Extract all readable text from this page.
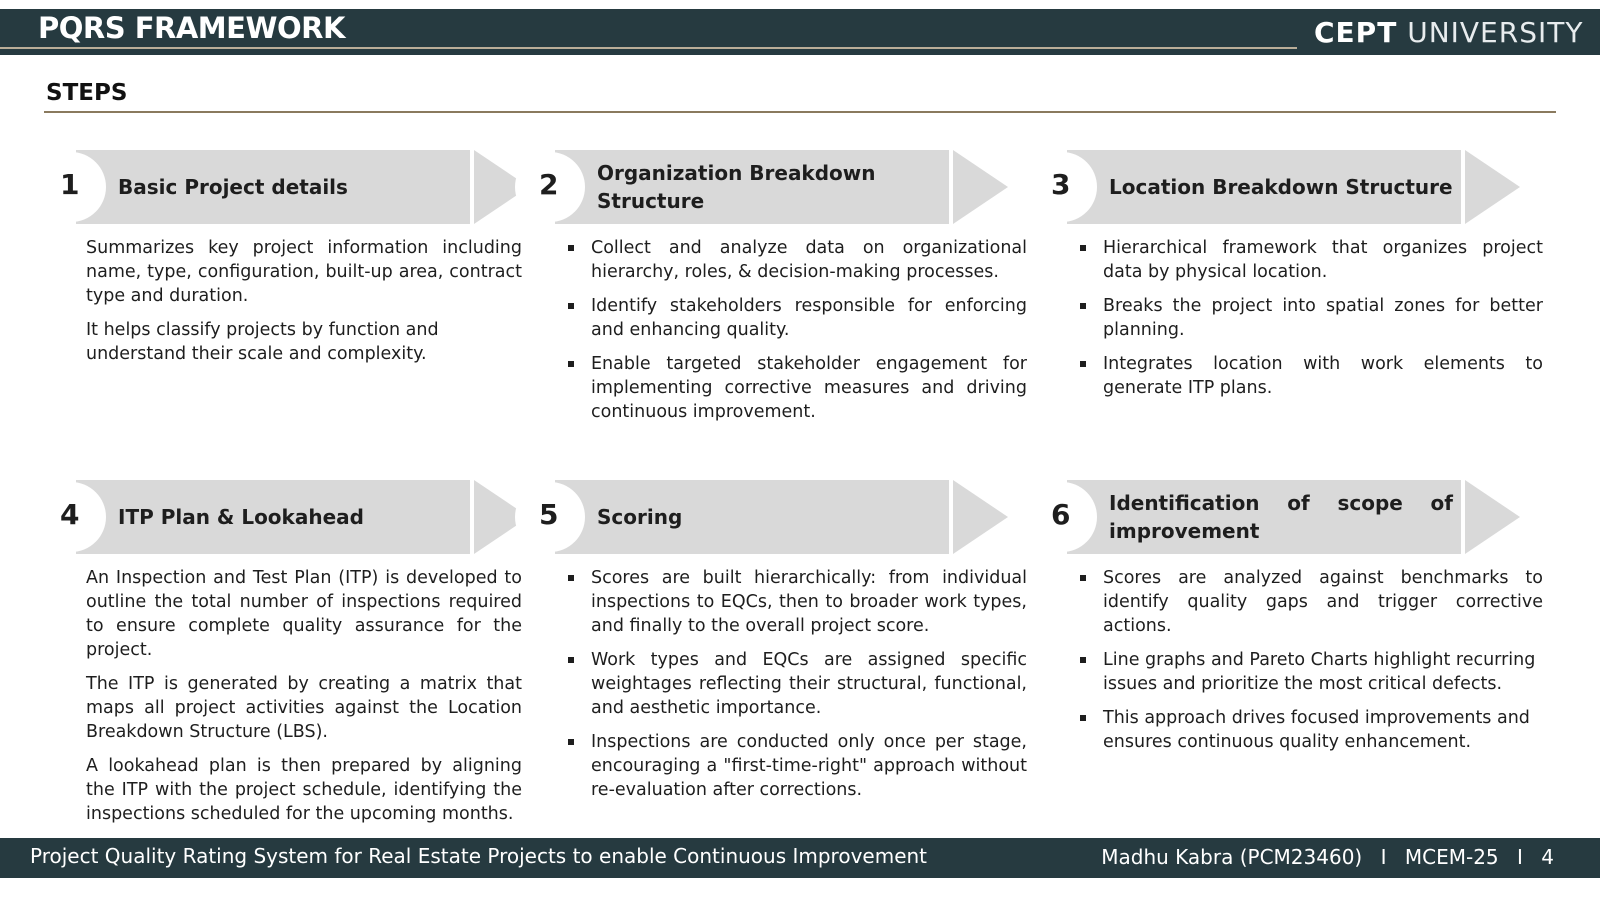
PQRS FRAMEWORK	CEPT UNIVERSITY
STEPS
Basic Project details
1

Summarizes key project information including name, type, configuration, built-up area, contract type and duration.

It helps classify projects by function and understand their scale and complexity.

Organization Breakdown Structure
2
Collect and analyze data on organizational hierarchy, roles, & decision-making processes.
Identify stakeholders responsible for enforcing and enhancing quality.
Enable targeted stakeholder engagement for implementing corrective measures and driving continuous improvement.
Location Breakdown Structure
3
Hierarchical framework that organizes project data by physical location.
Breaks the project into spatial zones for better planning.
Integrates location with work elements to generate ITP plans.
ITP Plan & Lookahead
4

An Inspection and Test Plan (ITP) is developed to outline the total number of inspections required to ensure complete quality assurance for the project.

The ITP is generated by creating a matrix that maps all project activities against the Location Breakdown Structure (LBS).

A lookahead plan is then prepared by aligning the ITP with the project schedule, identifying the inspections scheduled for the upcoming months.

Scoring
5
Scores are built hierarchically: from individual inspections to EQCs, then to broader work types, and finally to the overall project score.
Work types and EQCs are assigned specific weightages reflecting their structural, functional, and aesthetic importance.
Inspections are conducted only once per stage, encouraging a "first-time-right" approach without re-evaluation after corrections.
Identification of scope of improvement
6
Scores are analyzed against benchmarks to identify quality gaps and trigger corrective actions.
Line graphs and Pareto Charts highlight recurring issues and prioritize the most critical defects.
This approach drives focused improvements and ensures continuous quality enhancement.
Project Quality Rating System for Real Estate Projects to enable Continuous Improvement	Madhu Kabra (PCM23460) I MCEM-25 I 4
